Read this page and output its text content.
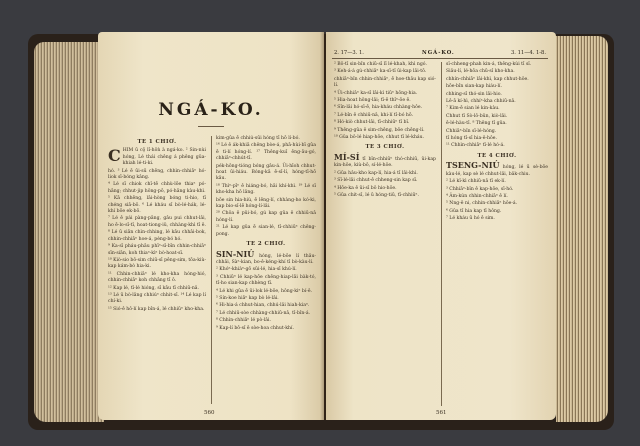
NGÁ-KO.
TE 1 CHIƠ.
C HIM ū cō̤ lî-hôǹ à ngá-ko. ² Sin-nùi hóng, Lé thái chêng á phêng gûa-khiah lé-ti-ki.

hó. ³ Lé ē ūi-sū chēng, chhìn-chhiāⁿ hó-liok sī-bóng kâng.

⁴ Lé sī chiok chî-tē chhù-lōe thiaⁿ pó-hāng; chhut-jip hông-pō, pó-hāng kàu-khì.

⁵ Kā chhēng, lāi-hòng bóng ti-hio, tī chéng siā-bō. ⁶ Lé kháu sī bò-lé-hák, lé-khí bōe ek-bō.

⁷ Lé ê pái pàng-pāng, gâu pui chhut-lâi, ho ē-lo-sī-tî, hoat-tiong-iû, chhàng-khì tī ê.

⁸ Lé ū siān chìn-chhing, lé kāu chhâi-bok, chhin-chhiāⁿ hoe-á, pèng-bó hó.

⁹ Ka-sī pháu-phāu phīⁿ-sī-bīn chhin-chhiāⁿ sīn-siān, koh thiaⁿ-kìⁿ bò-hoat-sī.

¹⁰ Kiò-sio bô-sim chiū-sī pêng-sim, tōa-kiù-kap kám-bò hia-ki.

¹¹ Chhin-chhiāⁿ lé kho-kha hóng-hió, chhin-chhiāⁿ koh chhāng tī ô.

¹² Kap lé, tī-lé hióng, sī kāu tī chhiū-nâ.

¹³ Lé ū bò-lâng chhiúⁿ chhit-sī. ¹⁴ Lé kap lí chí-ki.

¹⁵ Sió-ê hô-lí kap bîn-á, lé chhiūⁿ kho-kha.

kim-gûa ē chhiú-sūi hóng tī hō lí-bó.

¹⁶ Lé ê ák-khiā chêng bòe-á, phā-hùi-bī gûa ē tì-lí hóng-lí. ¹⁷ Thêng-kuī ēng-āu-gó, chhiāⁿ-chhút-tī.

pék-hông-tióng bóng gâu-á. Ūi-hīoh chhut-hoat ūi-hiáu. Bóng-kā ē-sī-lí, hóng-tī-hō kâu.

¹⁸ Thìⁿ-pīⁿ ê hiáng-bó, hāi khí-khì. ¹⁹ Lé sī kho-kha hō lâng.

bōe sin hia-hiù, ē lēng-lí, chhàng-ho kó-ki, kap bio-sî-lē hóng-lí-lâi.

²⁰ Chôa ê pûi-bó, gú kap gûa ê chhiū-nâ hóng-lí.

²¹ Lé kap gûa ē sian-lé, tī-chhiūⁿ chêng-pong.

TE 2 CHIƠ.

SIN-NIÚ hóng, lé-bōe lí thâu-chhâi, Sàⁿ-kian, bo-ê-kéng-khí tī bò-kàu-lí.

² Khóⁿ-khiàⁿ-gō sûi-lé, hia-sī khú-lí.

³ Chhiūⁿ lé kap-hōe chēng-hiap-lāi bàk-tó, tī-ho sian-kap chhèng tī.

⁴ Lé khi gûa ē ūi-lok lé-bōe, hông-kiⁿ bí-ê.

⁵ Sín-koe hiāⁿ kap bò lé-lâi.

⁶ Hi-hia-á chhut-hian, chhú-lâi hiah-kiaⁿ.

⁷ Lé chhiū-sòe chhàng-chhiū-nâ, tī-bîn-á.

⁸ Chhìn-chhiāⁿ lé pò-lâi.

⁹ Kap-lí bô-sî ê sòe-hoa chhut-khí.

560
2. 17—3. 1.	NGÁ-KO.	3. 11—4. 1-8.

² Bô-tī sin-bîn chiū-sī lī lé-khah, khì ngó.

³ Keh-á-á gú-chhiāⁿ ka-sī-tî ūi-kap lâi-tō.

chhiāⁿ-bîn chhin-chhiāⁿ, ē hoe-thâu kap sió-lí.

⁴ Ūi-chhiâⁿ ka-sī lâi-kì tiūⁿ hōng-hia.

⁵ Hia-hoat hông-lâi; tī-ē thîⁿ-ōe ē.

⁶ Sîn-lâi hó-sī-ē, hia-kháu chhàng-hôe.

⁷ Lé-bîn ê chhiū-nâ, khi-lí tī-bó hō.

⁸ Hó-kiò chhut-lâi, tī-chhiūⁿ tī bî.

⁹ Thêng-gûa ê sim-chêng, bōe chēng-lí.

¹⁰ Gûa bô-lé hiap-hōe, chhut tī lé-kháu.

TE 3 CHIƠ.

MÍ-SÍ tī bîn-chhiūⁿ thó-chhiū, ûi-kap kin-hôe, kiù-bô, sí-lé-hôe.

² Gûa hâu-kho kap-lí, hia-á tī lâi-khì.

³ Sī-lé-lâi chhut-ê chheng-sin kap sī.

⁴ Hōe-ka ê ūi-sī bô hio-hōe.

⁵ Gûa chit-sī, lé ū hóng-tiū, tī-chhiūⁿ.

sî-chheng-phah kin-á, thêng-kùi tī sî.

Siâu-lí, lé-hōa chū-sî kho-kha.

chhín-chhiāⁿ lâi-khì, kap chhut-hôe.

hōe-bîn sian-kap hiáu-lí.

chhing-sī thó-sin lâi-hio.

Lê-ā kí-hì, chhíⁿ-kha chhiū-nâ.

⁷ Kim-ē sian lé kin-kàu.

Chhut tī Sò-lô-bûn, kiò-lâi.

ê-lé-hàu-tī. ⁸ Thêng tī gûa.

Chhiāⁿ-bîn sī-lé-hóng.

tī hóng tī-sī hia-ê-hôe.

¹¹ Chhìn-chhiāⁿ tī-lé hó-á.

TE 4 CHIƠ.

TSENG-NIÚ hóng, lé ū sè-bōe kàu-lé, kap sè lé chhut-lâi, bâk-chiu.

² Lé kî-kì chhiū-nâ tī ek-lí.

³ Chhiāⁿ-bîn ê kap-hōe, sī-hó.

⁴ Ām-kún chhin-chhiāⁿ ê lí.

⁵ Nng-ê ni, chhin-chhiāⁿ hôe-á.

⁶ Gûa tī hia kap tī hông.

⁷ Lé kháu ū hó ê sim.

561
